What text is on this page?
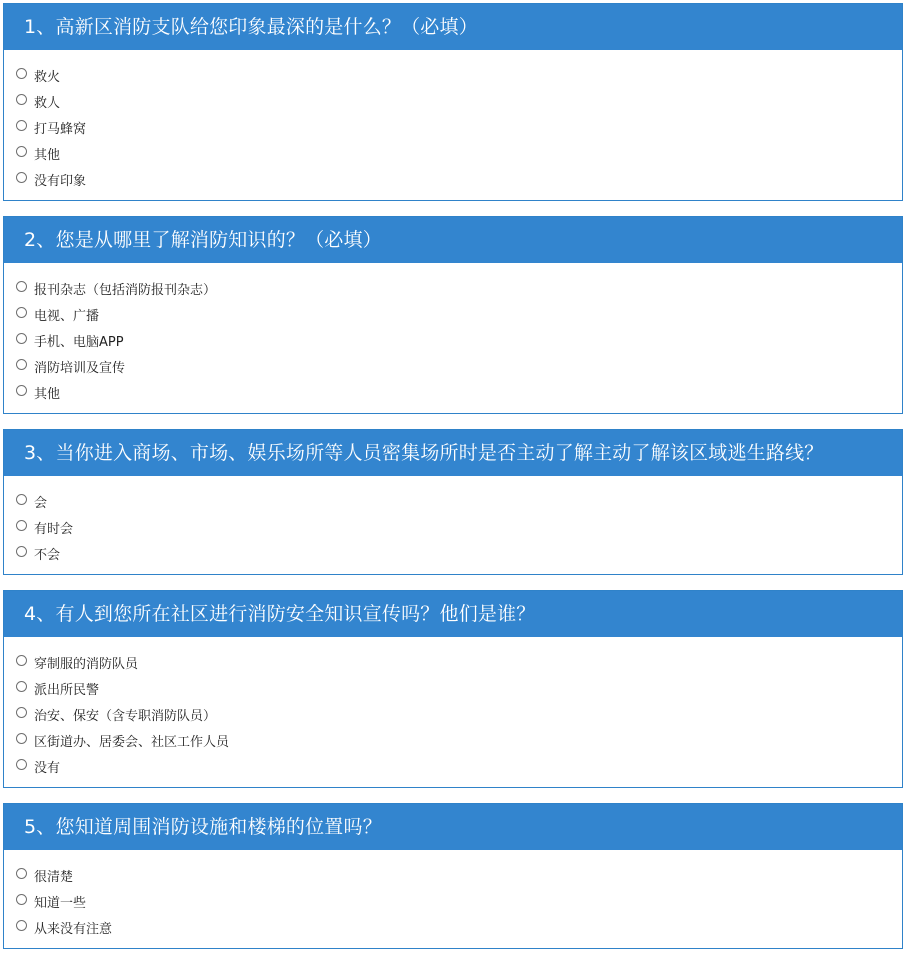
1、高新区消防支队给您印象最深的是什么？（必填）
救火
救人
打马蜂窝
其他
没有印象
2、您是从哪里了解消防知识的？（必填）
报刊杂志（包括消防报刊杂志）
电视、广播
手机、电脑APP
消防培训及宣传
其他
3、当你进入商场、市场、娱乐场所等人员密集场所时是否主动了解主动了解该区域逃生路线？
会
有时会
不会
4、有人到您所在社区进行消防安全知识宣传吗？他们是谁？
穿制服的消防队员
派出所民警
治安、保安（含专职消防队员）
区街道办、居委会、社区工作人员
没有
5、您知道周围消防设施和楼梯的位置吗？
很清楚
知道一些
从来没有注意
